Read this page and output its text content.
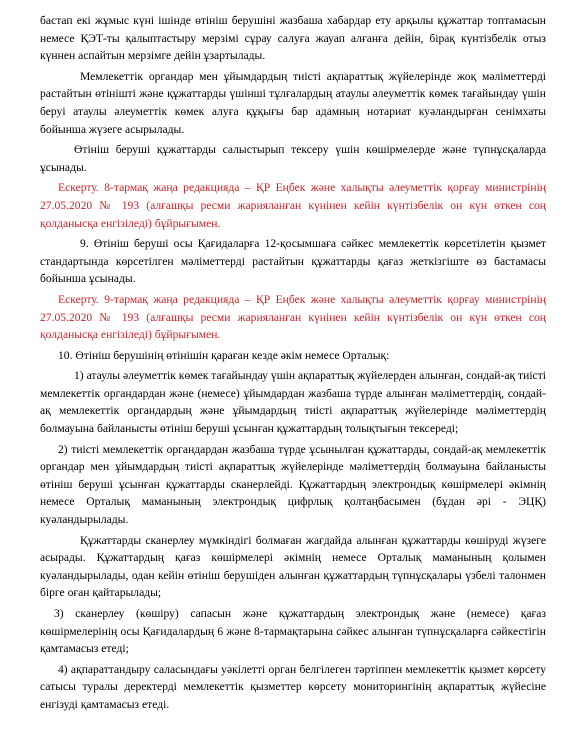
бастап екі жұмыс күні ішінде өтініш берушіні жазбаша хабардар ету арқылы құжаттар топтамасын немесе ҚЭТ-ты қалыптастыру мерзімі сұрау салуға жауап алғанға дейін, бірақ күнтізбелік отыз күннен аспайтын мерзімге дейін ұзартылады.

Мемлекеттік органдар мен ұйымдардың тиісті ақпараттық жүйелерінде жоқ мәліметтерді растайтын өтінішті және құжаттарды үшінші тұлғалардың атаулы әлеуметтік көмек тағайындау үшін беруі атаулы әлеуметтік көмек алуға құқығы бар адамның нотариат куәландырған сенімхаты бойынша жүзеге асырылады.

Өтініш беруші құжаттарды салыстырып тексеру үшін көшірмелерде және түпнұсқаларда ұсынады.

Ескерту. 8-тармақ жаңа редакцияда – ҚР Еңбек және халықты әлеуметтік қорғау министрінің 27.05.2020 № 193 (алғашқы ресми жарияланған күнінен кейін күнтізбелік он күн өткен соң қолданысқа енгізіледі) бұйрығымен.

9. Өтініш беруші осы Қағидаларға 12-қосымшаға сәйкес мемлекеттік көрсетілетін қызмет стандартында көрсетілген мәліметтерді растайтын құжаттарды қағаз жеткізгіште өз бастамасы бойынша ұсынады.

Ескерту. 9-тармақ жаңа редакцияда – ҚР Еңбек және халықты әлеуметтік қорғау министрінің 27.05.2020 № 193 (алғашқы ресми жарияланған күнінен кейін күнтізбелік он күн өткен соң қолданысқа енгізіледі) бұйрығымен.

10. Өтініш берушінің өтінішін қараған кезде әкім немесе Орталық:

1) атаулы әлеуметтік көмек тағайындау үшін ақпараттық жүйелерден алынған, сондай-ақ тиісті мемлекеттік органдардан және (немесе) ұйымдардан жазбаша түрде алынған мәліметтердің, сондай-ақ мемлекеттік органдардың және ұйымдардың тиісті ақпараттық жүйелерінде мәліметтердің болмауына байланысты өтініш беруші ұсынған құжаттардың толықтығын тексереді;

2) тиісті мемлекеттік органдардан жазбаша түрде ұсынылған құжаттарды, сондай-ақ мемлекеттік органдар мен ұйымдардың тиісті ақпараттық жүйелерінде мәліметтердің болмауына байланысты өтініш беруші ұсынған құжаттарды сканерлейді. Құжаттардың электрондық көшірмелері әкімнің немесе Орталық маманының электрондық цифрлық қолтаңбасымен (бұдан әрі - ЭЦҚ) куәландырылады.

Құжаттарды сканерлеу мүмкіндігі болмаған жағдайда алынған құжаттарды көшіруді жүзеге асырады. Құжаттардың қағаз көшірмелері әкімнің немесе Орталық маманының қолымен куәландырылады, одан кейін өтініш берушіден алынған құжаттардың түпнұсқалары үзбелі талонмен бірге оған қайтарылады;

3) сканерлеу (көшіру) сапасын және құжаттардың электрондық және (немесе) қағаз көшірмелерінің осы Қағидалардың 6 және 8-тармақтарына сәйкес алынған түпнұсқаларға сәйкестігін қамтамасыз етеді;

4) ақпараттандыру саласындағы уәкілетті орган белгілеген тәртіппен мемлекеттік қызмет көрсету сатысы туралы деректерді мемлекеттік қызметтер көрсету мониторингінің ақпараттық жүйесіне енгізуді қамтамасыз етеді.
